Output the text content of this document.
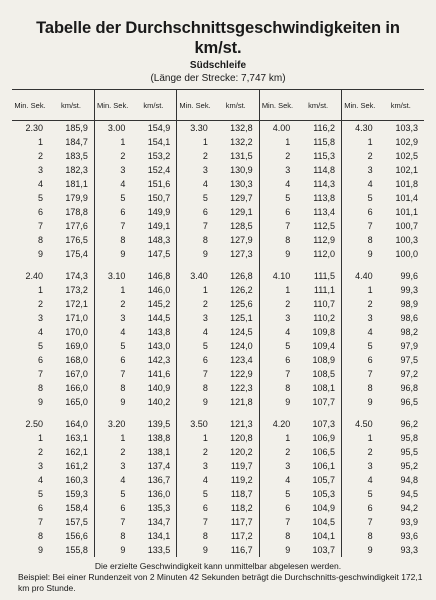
Tabelle der Durchschnittsgeschwindigkeiten in km/st.
Südschleife
(Länge der Strecke: 7,747 km)
Min. Sek.	km/st.	Min. Sek.	km/st.	Min. Sek.	km/st.	Min. Sek.	km/st.	Min. Sek.	km/st.
2.30	185,9	3.00	154,9	3.30	132,8	4.00	116,2	4.30	103,3
1	184,7	1	154,1	1	132,2	1	115,8	1	102,9
2	183,5	2	153,2	2	131,5	2	115,3	2	102,5
3	182,3	3	152,4	3	130,9	3	114,8	3	102,1
4	181,1	4	151,6	4	130,3	4	114,3	4	101,8
5	179,9	5	150,7	5	129,7	5	113,8	5	101,4
6	178,8	6	149,9	6	129,1	6	113,4	6	101,1
7	177,6	7	149,1	7	128,5	7	112,5	7	100,7
8	176,5	8	148,3	8	127,9	8	112,9	8	100,3
9	175,4	9	147,5	9	127,3	9	112,0	9	100,0

2.40	174,3	3.10	146,8	3.40	126,8	4.10	111,5	4.40	99,6
1	173,2	1	146,0	1	126,2	1	111,1	1	99,3
2	172,1	2	145,2	2	125,6	2	110,7	2	98,9
3	171,0	3	144,5	3	125,1	3	110,2	3	98,6
4	170,0	4	143,8	4	124,5	4	109,8	4	98,2
5	169,0	5	143,0	5	124,0	5	109,4	5	97,9
6	168,0	6	142,3	6	123,4	6	108,9	6	97,5
7	167,0	7	141,6	7	122,9	7	108,5	7	97,2
8	166,0	8	140,9	8	122,3	8	108,1	8	96,8
9	165,0	9	140,2	9	121,8	9	107,7	9	96,5

2.50	164,0	3.20	139,5	3.50	121,3	4.20	107,3	4.50	96,2
1	163,1	1	138,8	1	120,8	1	106,9	1	95,8
2	162,1	2	138,1	2	120,2	2	106,5	2	95,5
3	161,2	3	137,4	3	119,7	3	106,1	3	95,2
4	160,3	4	136,7	4	119,2	4	105,7	4	94,8
5	159,3	5	136,0	5	118,7	5	105,3	5	94,5
6	158,4	6	135,3	6	118,2	6	104,9	6	94,2
7	157,5	7	134,7	7	117,7	7	104,5	7	93,9
8	156,6	8	134,1	8	117,2	8	104,1	8	93,6
9	155,8	9	133,5	9	116,7	9	103,7	9	93,3

Die erzielte Geschwindigkeit kann unmittelbar abgelesen werden.

Beispiel: Bei einer Rundenzeit von 2 Minuten 42 Sekunden beträgt die Durchschnitts-geschwindigkeit 172,1 km pro Stunde.
